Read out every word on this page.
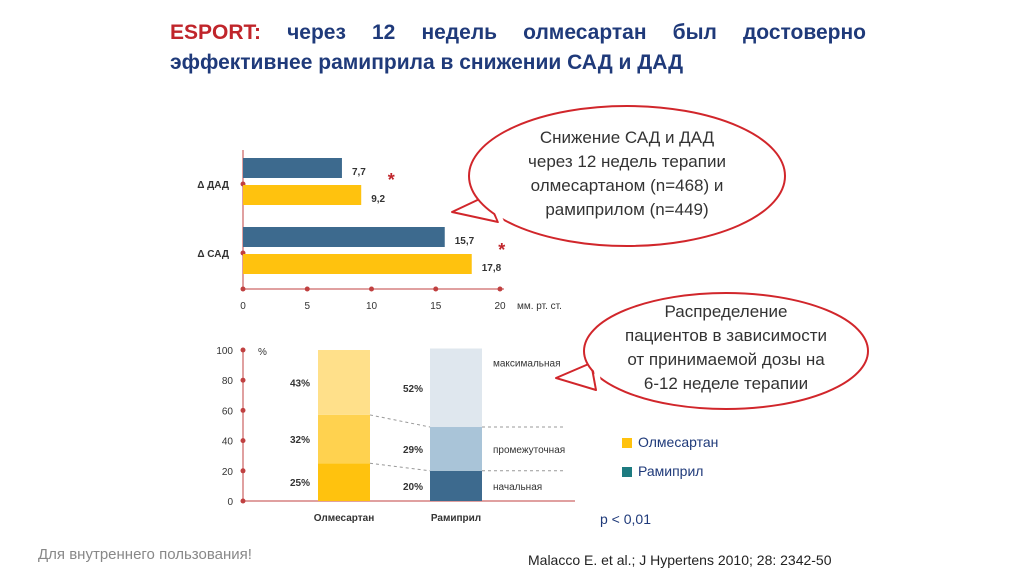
ESPORT: через 12 недель олмесартан был достоверно эффективнее рамиприла в снижении САД и ДАД
0	5	10	15	20 мм. рт. ст.
Δ ДАД
7,7
9,2
*
Δ САД
15,7
17,8
*
0
20
40
60
80
100	%
25%
32%
43%
Олмесартан
20%
29%
52%
Рамиприл
начальная
промежуточная
максимальная
Снижение САД и ДАД
через 12 недель терапии
олмесартаном (n=468) и
рамиприлом (n=449)
Распределение
пациентов в зависимости
от принимаемой дозы на
6-12 неделе терапии
Олмесартан
Рамиприл
p < 0,01
Для внутреннего пользования!	Malacco E. et al.; J Hypertens 2010; 28: 2342-50
